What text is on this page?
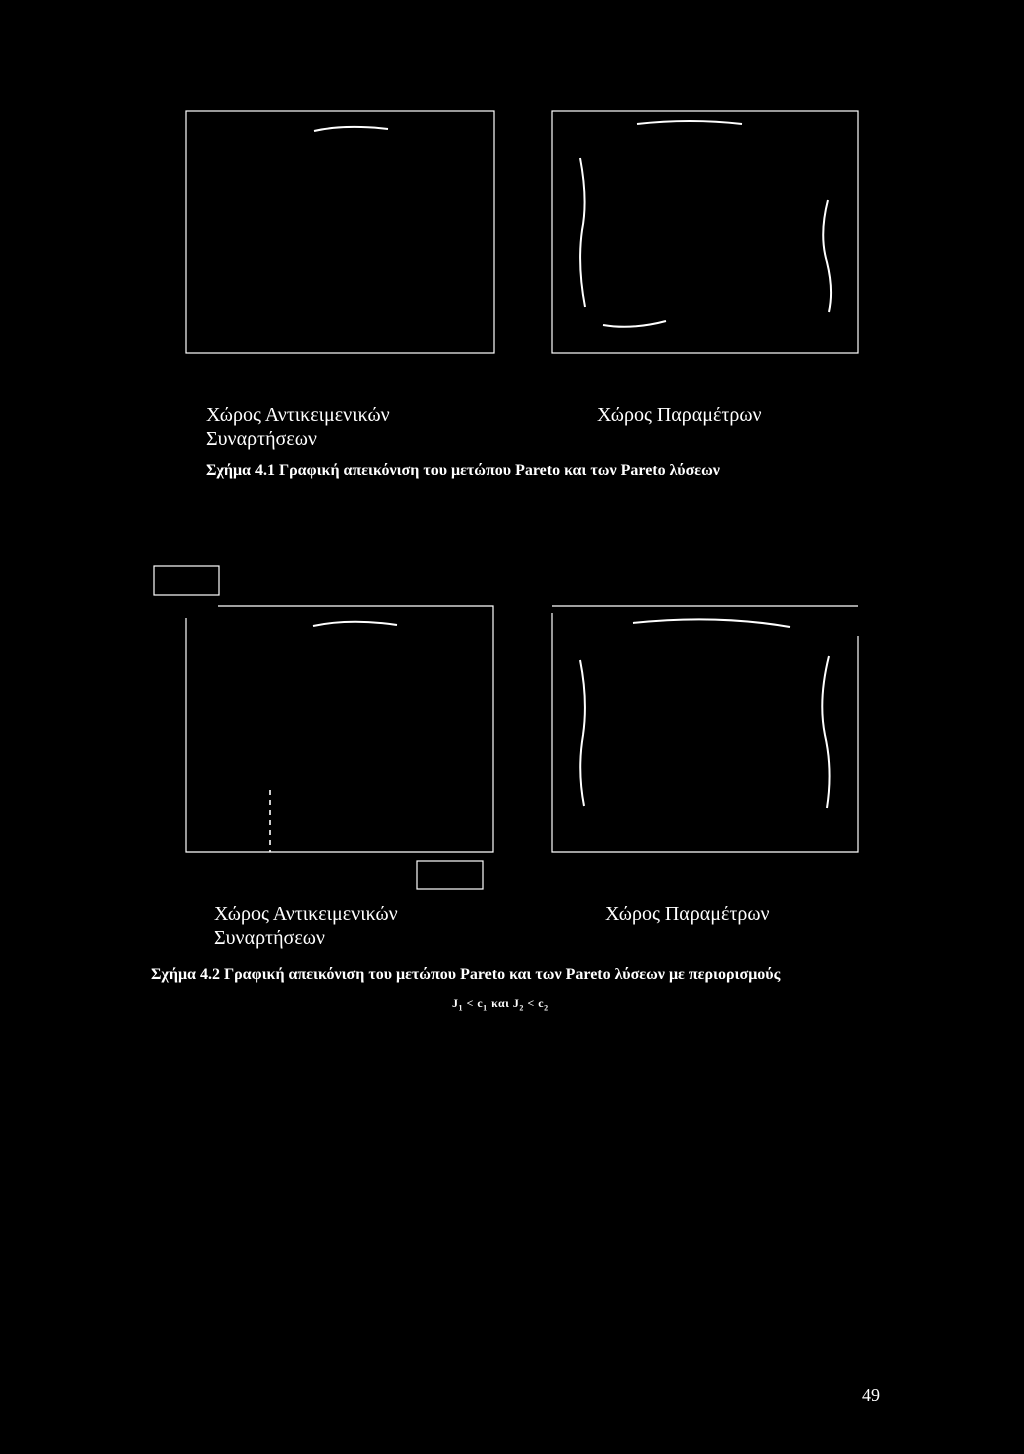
Χώρος Αντικειμενικών
Συναρτήσεων
Χώρος Παραμέτρων
Σχήμα 4.1 Γραφική απεικόνιση του μετώπου Pareto και των Pareto λύσεων
Χώρος Αντικειμενικών
Συναρτήσεων
Χώρος Παραμέτρων
Σχήμα 4.2 Γραφική απεικόνιση του μετώπου Pareto και των Pareto λύσεων με περιορισμούς
$J_1 < c_1$ και $J_2 < c_2$
49
